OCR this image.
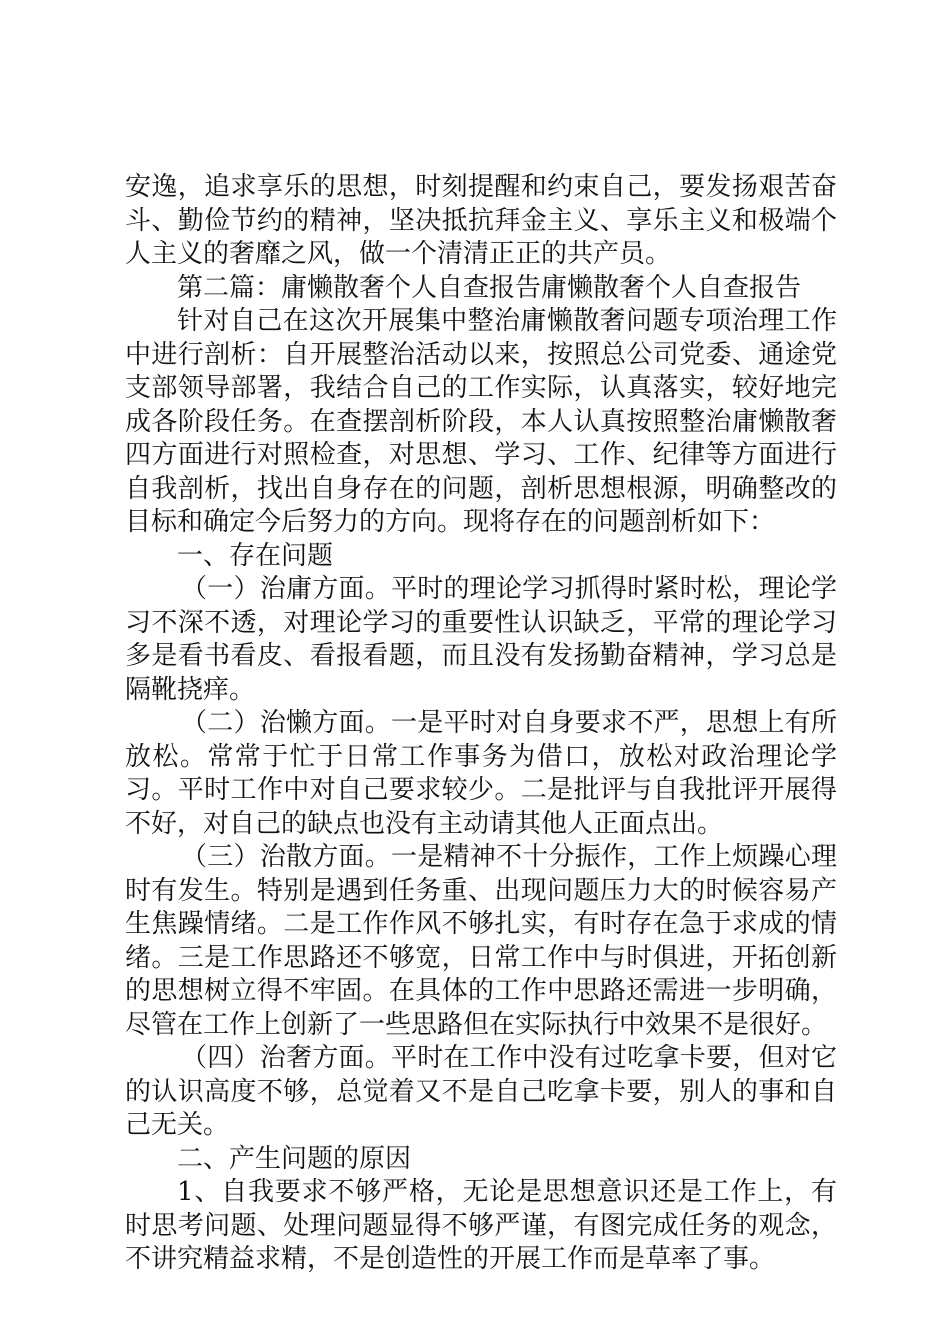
安逸，追求享乐的思想，时刻提醒和约束自己，要发扬艰苦奋斗、勤俭节约的精神，坚决抵抗拜金主义、享乐主义和极端个人主义的奢靡之风，做一个清清正正的共产员。

第二篇：庸懒散奢个人自查报告庸懒散奢个人自查报告

针对自己在这次开展集中整治庸懒散奢问题专项治理工作中进行剖析：自开展整治活动以来，按照总公司党委、通途党支部领导部署，我结合自己的工作实际，认真落实，较好地完成各阶段任务。在查摆剖析阶段，本人认真按照整治庸懒散奢四方面进行对照检查，对思想、学习、工作、纪律等方面进行自我剖析，找出自身存在的问题，剖析思想根源，明确整改的目标和确定今后努力的方向。现将存在的问题剖析如下：

一、存在问题

（一）治庸方面。平时的理论学习抓得时紧时松，理论学习不深不透，对理论学习的重要性认识缺乏，平常的理论学习多是看书看皮、看报看题，而且没有发扬勤奋精神，学习总是隔靴挠痒。

（二）治懒方面。一是平时对自身要求不严，思想上有所放松。常常于忙于日常工作事务为借口，放松对政治理论学习。平时工作中对自己要求较少。二是批评与自我批评开展得不好，对自己的缺点也没有主动请其他人正面点出。

（三）治散方面。一是精神不十分振作，工作上烦躁心理时有发生。特别是遇到任务重、出现问题压力大的时候容易产生焦躁情绪。二是工作作风不够扎实，有时存在急于求成的情绪。三是工作思路还不够宽，日常工作中与时俱进，开拓创新的思想树立得不牢固。在具体的工作中思路还需进一步明确，尽管在工作上创新了一些思路但在实际执行中效果不是很好。

（四）治奢方面。平时在工作中没有过吃拿卡要，但对它的认识高度不够，总觉着又不是自己吃拿卡要，别人的事和自己无关。

二、产生问题的原因

1、自我要求不够严格，无论是思想意识还是工作上，有时思考问题、处理问题显得不够严谨，有图完成任务的观念，不讲究精益求精，不是创造性的开展工作而是草率了事。
